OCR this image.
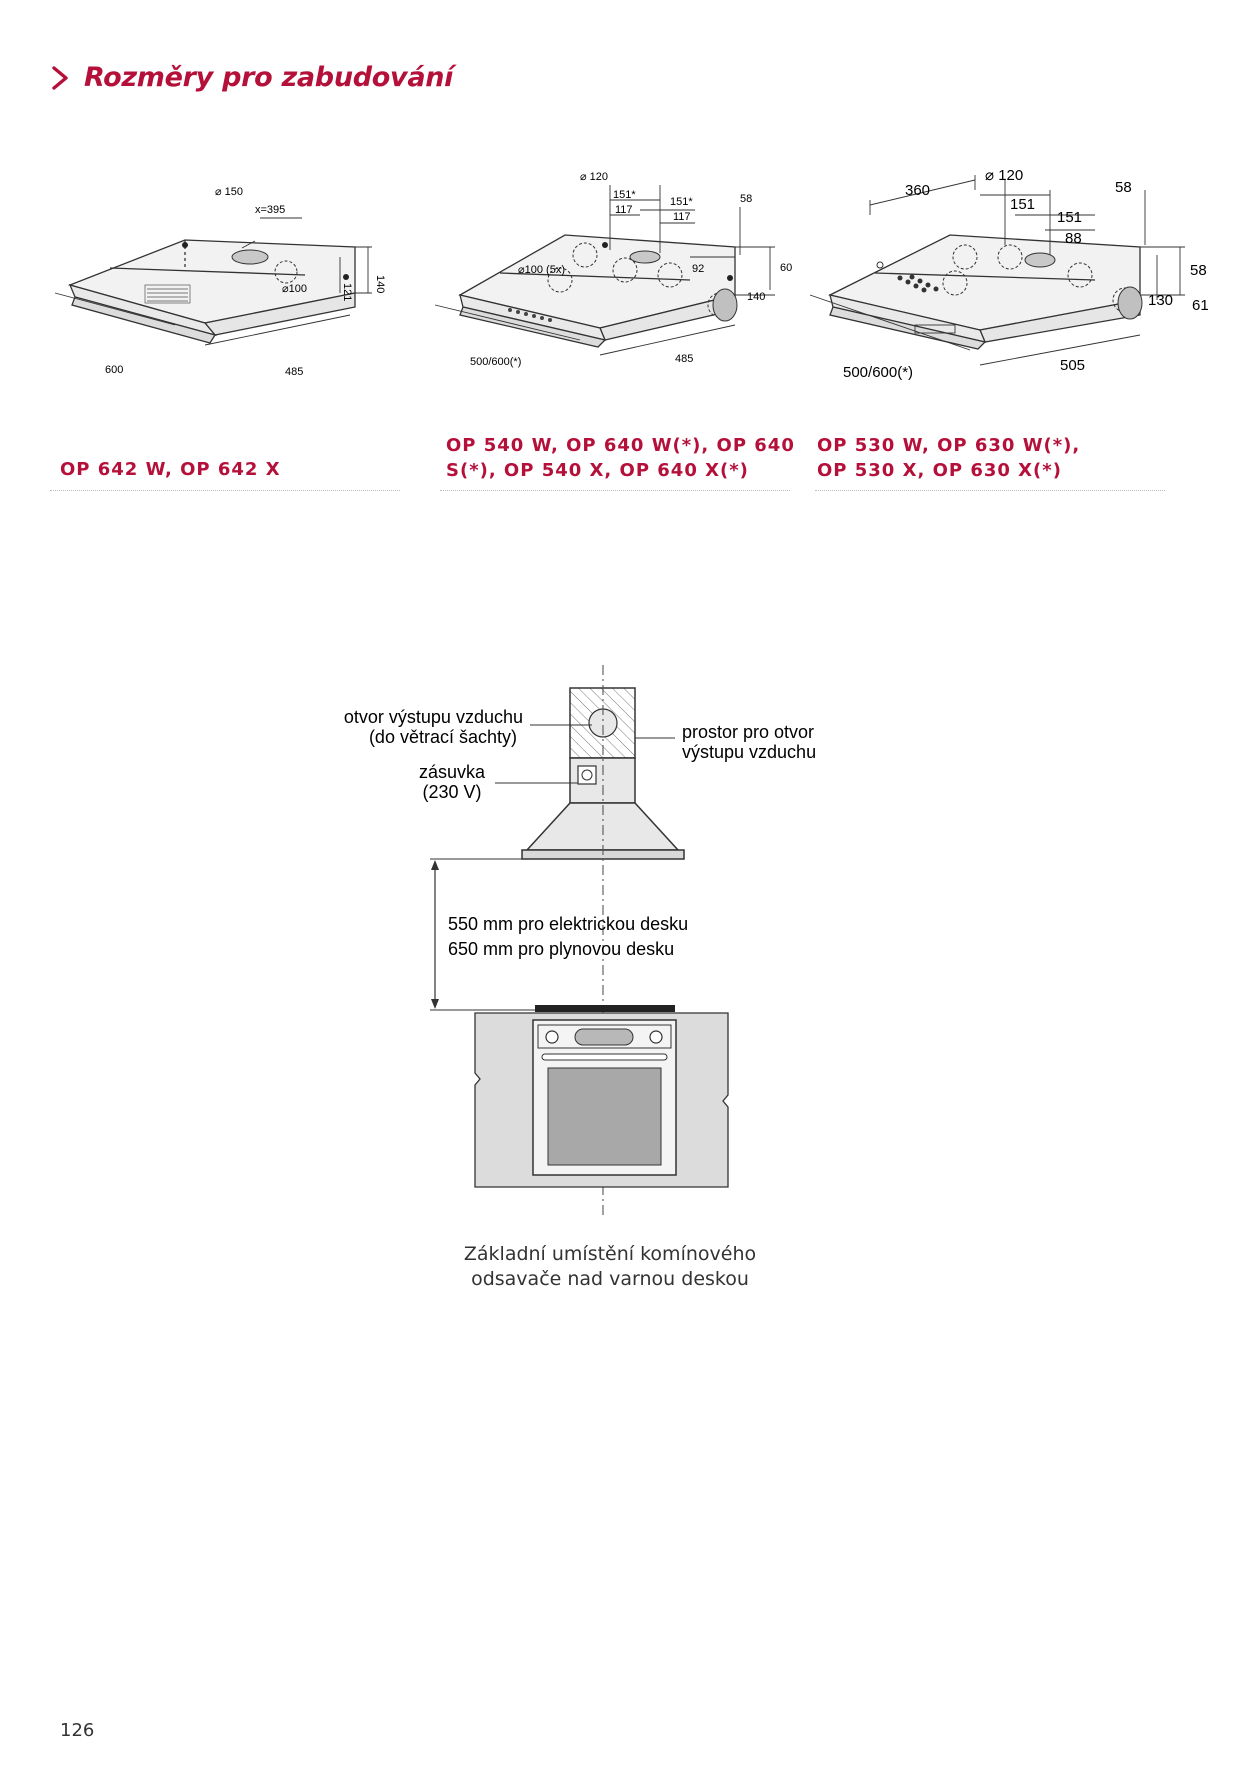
Rozměry pro zabudování
⌀ 150
x=395
⌀100	140
121
600	485
⌀ 120
151*
117
151*
117
⌀100 (5x)	92
58
60
140
500/600(*)	485
⌀ 120
360
151
151
88
58
58
130 61
500/600(*)	505
OP 642 W, OP 642 X
OP 540 W, OP 640 W(*), OP 640
S(*), OP 540 X, OP 640 X(*)
OP 530 W, OP 630 W(*),
OP 530 X, OP 630 X(*)
otvor výstupu vzduchu
(do větrací šachty)
zásuvka
(230 V)
prostor pro otvor
výstupu vzduchu
550 mm pro elektrickou desku
650 mm pro plynovou desku
Základní umístění komínového
odsavače nad varnou deskou
126
